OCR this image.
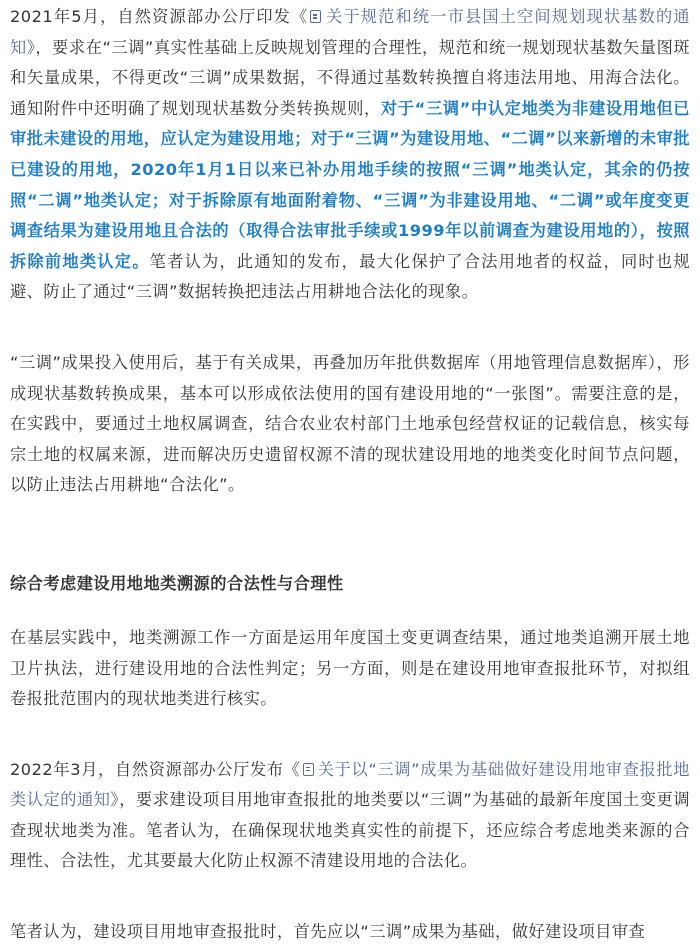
2021年5月，自然资源部办公厅印发《 关于规范和统一市县国土空间规划现状基数的通知》，要求在“三调”真实性基础上反映规划管理的合理性，规范和统一规划现状基数矢量图斑和矢量成果，不得更改“三调”成果数据，不得通过基数转换擅自将违法用地、用海合法化。通知附件中还明确了规划现状基数分类转换规则，对于“三调”中认定地类为非建设用地但已审批未建设的用地，应认定为建设用地；对于“三调”为建设用地、“二调”以来新增的未审批已建设的用地，2020年1月1日以来已补办用地手续的按照“三调”地类认定，其余的仍按照“二调”地类认定；对于拆除原有地面附着物、“三调”为非建设用地、“二调”或年度变更调查结果为建设用地且合法的（取得合法审批手续或1999年以前调查为建设用地的），按照拆除前地类认定。笔者认为，此通知的发布，最大化保护了合法用地者的权益，同时也规避、防止了通过“三调”数据转换把违法占用耕地合法化的现象。

“三调”成果投入使用后，基于有关成果，再叠加历年批供数据库（用地管理信息数据库），形成现状基数转换成果，基本可以形成依法使用的国有建设用地的“一张图”。需要注意的是，在实践中，要通过土地权属调查，结合农业农村部门土地承包经营权证的记载信息，核实每宗土地的权属来源，进而解决历史遗留权源不清的现状建设用地的地类变化时间节点问题，以防止违法占用耕地“合法化”。

综合考虑建设用地地类溯源的合法性与合理性

在基层实践中，地类溯源工作一方面是运用年度国土变更调查结果，通过地类追溯开展土地卫片执法，进行建设用地的合法性判定；另一方面，则是在建设用地审查报批环节，对拟组卷报批范围内的现状地类进行核实。

2022年3月，自然资源部办公厅发布《 关于以“三调”成果为基础做好建设用地审查报批地类认定的通知》，要求建设项目用地审查报批的地类要以“三调”为基础的最新年度国土变更调查现状地类为准。笔者认为，在确保现状地类真实性的前提下，还应综合考虑地类来源的合理性、合法性，尤其要最大化防止权源不清建设用地的合法化。

笔者认为，建设项目用地审查报批时，首先应以“三调”成果为基础，做好建设项目审查
